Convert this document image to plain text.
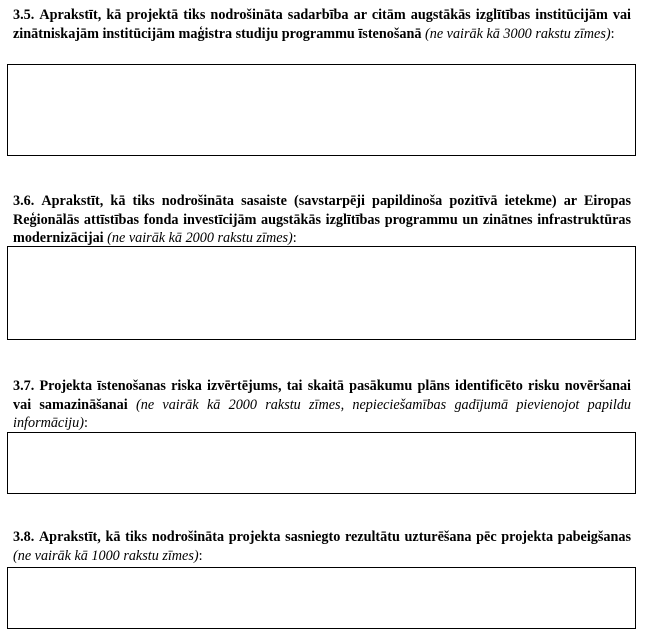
3.5. Aprakstīt, kā projektā tiks nodrošināta sadarbība ar citām augstākās izglītības institūcijām vai zinātniskajām institūcijām maģistra studiju programmu īstenošanā (ne vairāk kā 3000 rakstu zīmes):

3.6. Aprakstīt, kā tiks nodrošināta sasaiste (savstarpēji papildinoša pozitīvā ietekme) ar Eiropas Reģionālās attīstības fonda investīcijām augstākās izglītības programmu un zinātnes infrastruktūras modernizācijai (ne vairāk kā 2000 rakstu zīmes):

3.7. Projekta īstenošanas riska izvērtējums, tai skaitā pasākumu plāns identificēto risku novēršanai vai samazināšanai (ne vairāk kā 2000 rakstu zīmes, nepieciešamības gadījumā pievienojot papildu informāciju):

3.8. Aprakstīt, kā tiks nodrošināta projekta sasniegto rezultātu uzturēšana pēc projekta pabeigšanas (ne vairāk kā 1000 rakstu zīmes):
